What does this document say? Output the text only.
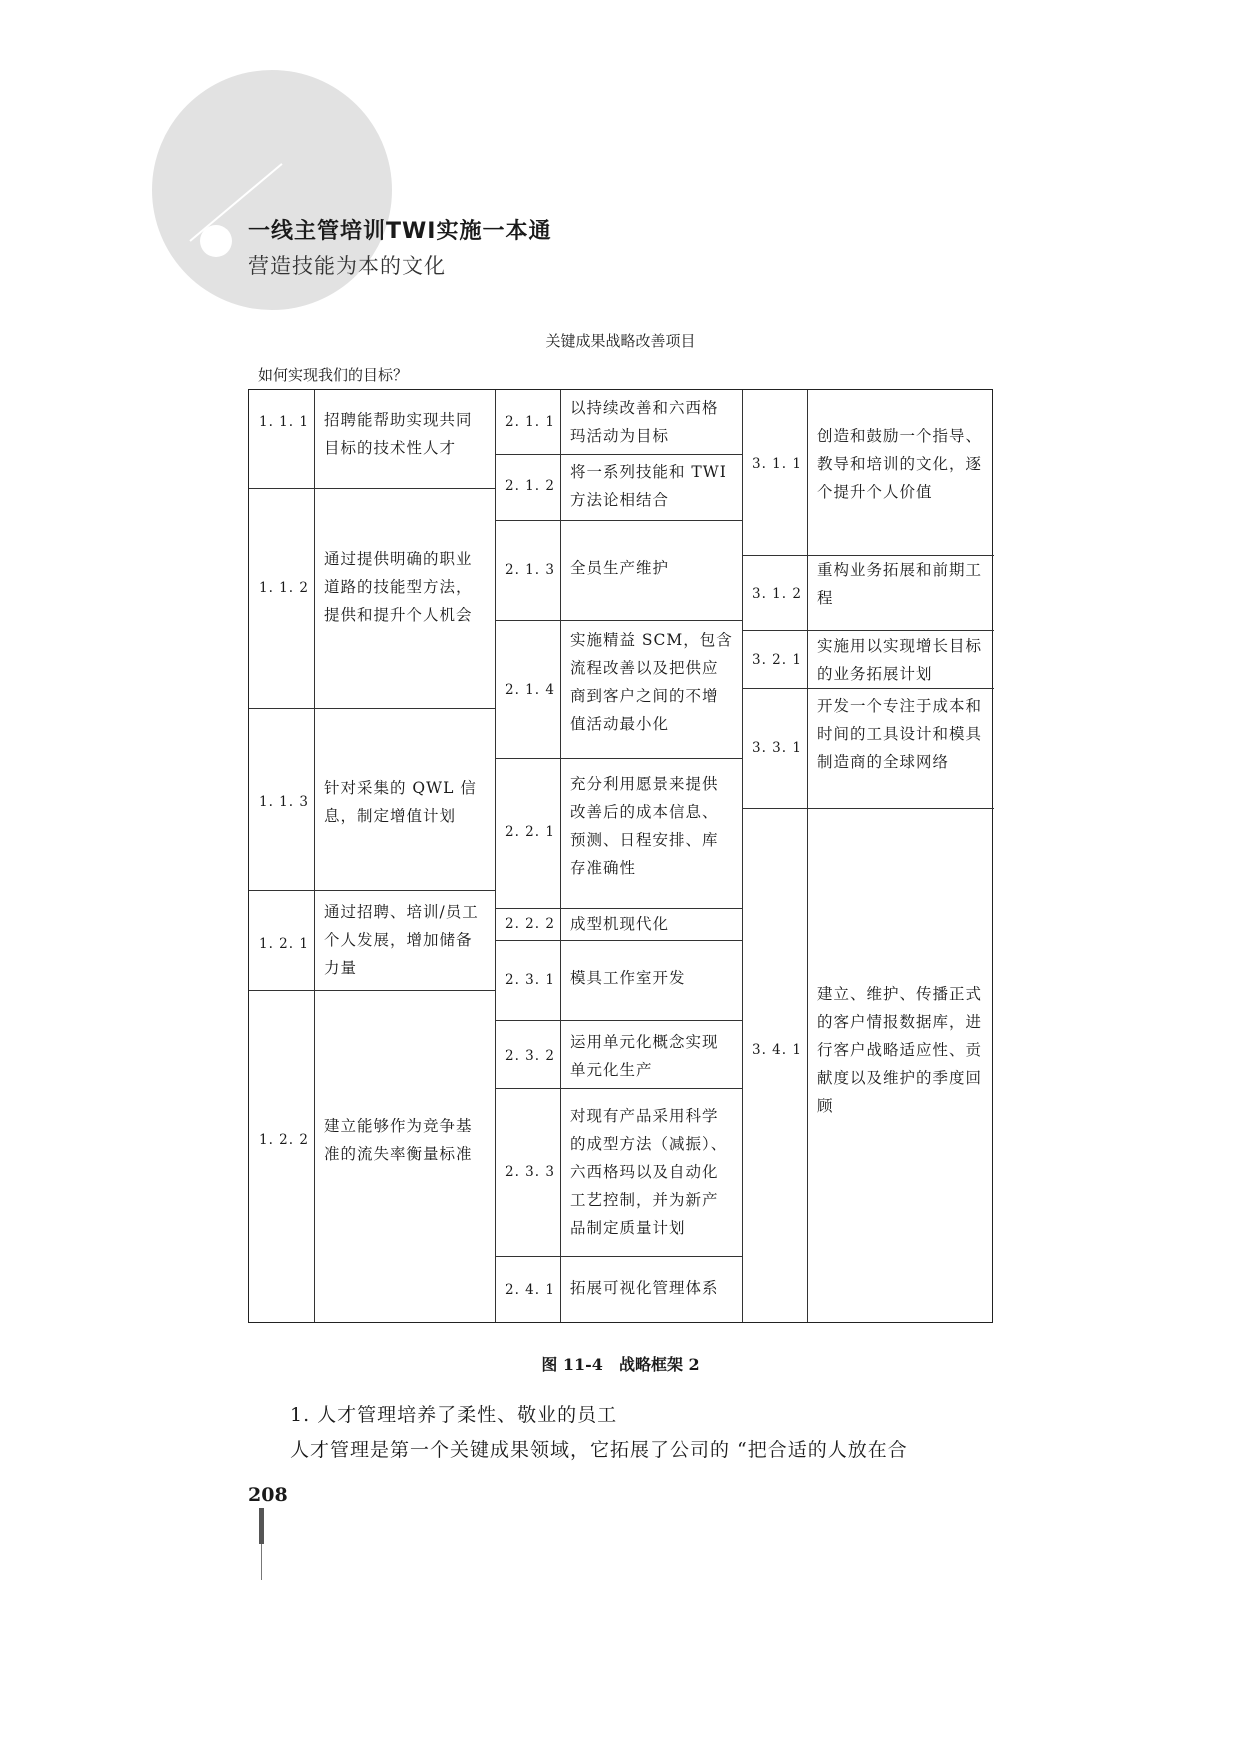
一线主管培训TWI实施一本通
营造技能为本的文化
关键成果战略改善项目
如何实现我们的目标？
1. 1. 1 招聘能帮助实现共同目标的技术性人才
1. 1. 2
通过提供明确的职业道路的技能型方法，提供和提升个人机会
1. 1. 3
针对采集的 QWL 信息，制定增值计划
1. 2. 1
通过招聘、培训/员工个人发展，增加储备力量
1. 2. 2
建立能够作为竞争基准的流失率衡量标准
2. 1. 1
以持续改善和六西格玛活动为目标
2. 1. 2
将一系列技能和 TWI 方法论相结合
2. 1. 3 全员生产维护
2. 1. 4
实施精益 SCM，包含流程改善以及把供应商到客户之间的不增值活动最小化
2. 2. 1
充分利用愿景来提供改善后的成本信息、预测、日程安排、库存准确性
2. 2. 2 成型机现代化
2. 3. 1 模具工作室开发
2. 3. 2
运用单元化概念实现单元化生产
2. 3. 3
对现有产品采用科学的成型方法（减振）、六西格玛以及自动化工艺控制，并为新产品制定质量计划
2. 4. 1 拓展可视化管理体系
3. 1. 1
创造和鼓励一个指导、教导和培训的文化，逐个提升个人价值
3. 1. 2
重构业务拓展和前期工程
3. 2. 1
实施用以实现增长目标的业务拓展计划
3. 3. 1
开发一个专注于成本和时间的工具设计和模具制造商的全球网络
3. 4. 1
建立、维护、传播正式的客户情报数据库，进行客户战略适应性、贡献度以及维护的季度回顾
图 11-4　战略框架 2
1. 人才管理培养了柔性、敬业的员工
人才管理是第一个关键成果领域，它拓展了公司的 “把合适的人放在合
208
